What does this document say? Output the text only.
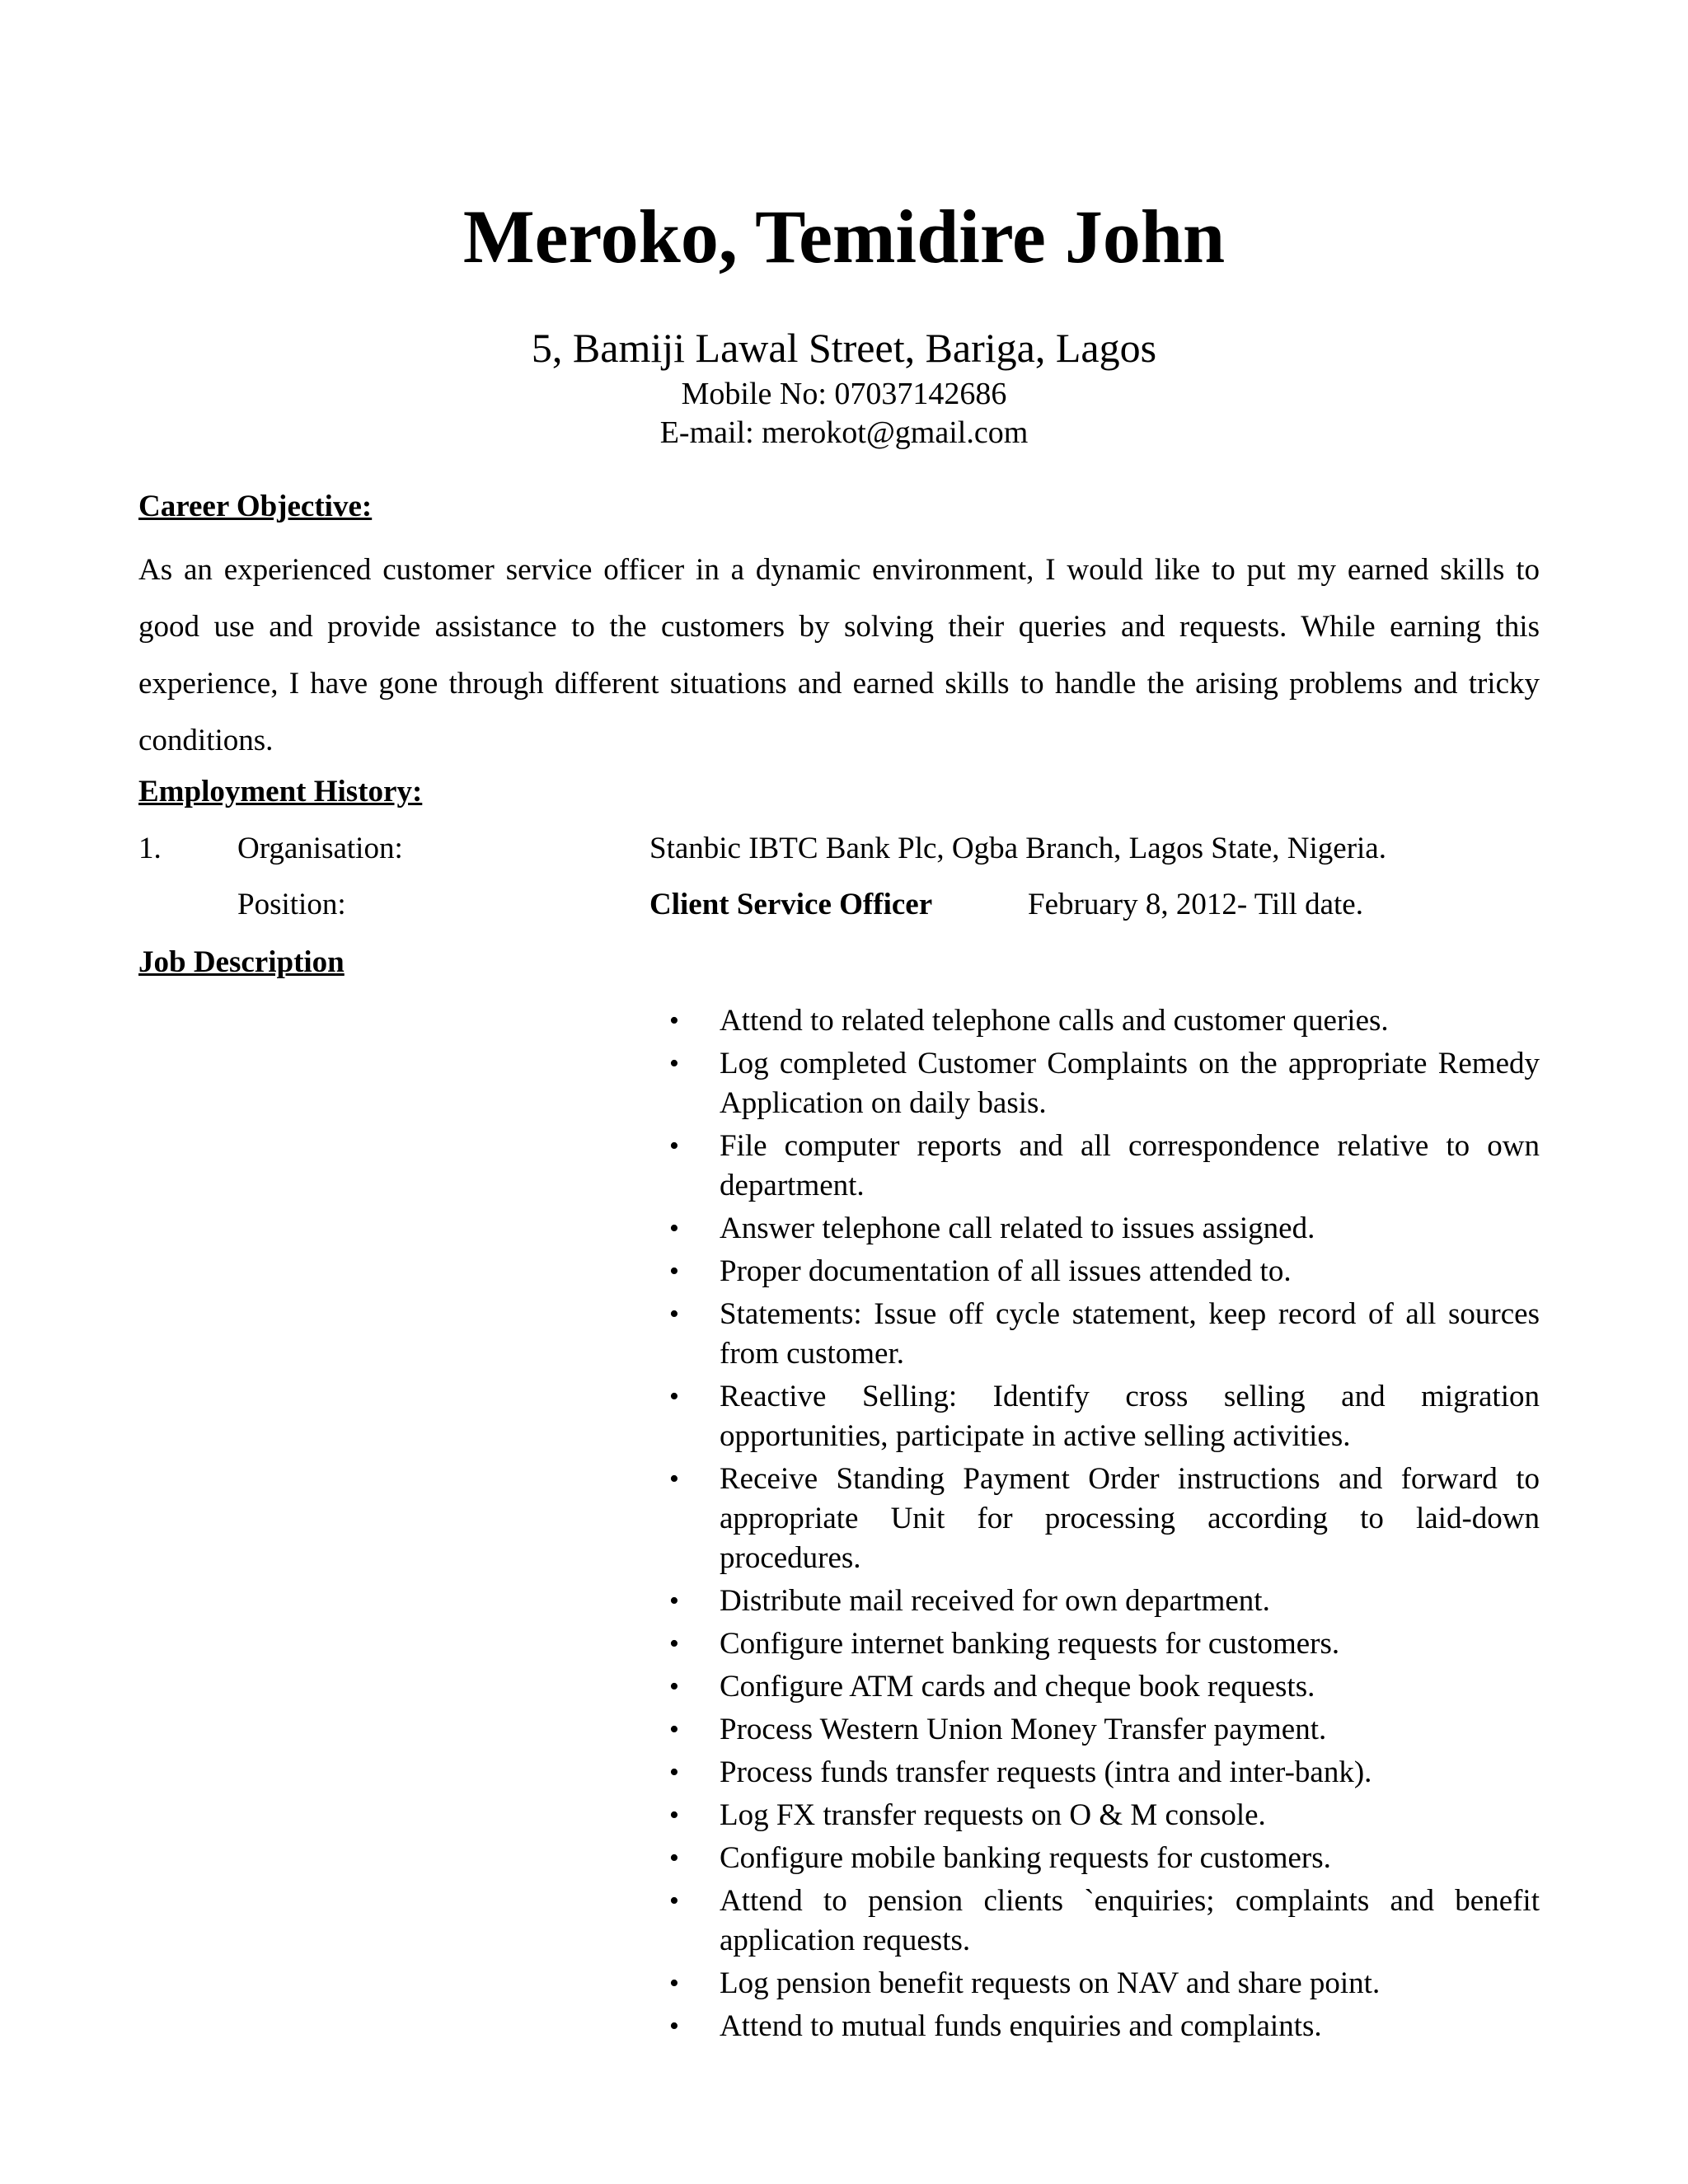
Meroko, Temidire John
5, Bamiji Lawal Street, Bariga, Lagos
Mobile No: 07037142686
E-mail: merokot@gmail.com
Career Objective:

As an experienced customer service officer in a dynamic environment, I would like to put my earned skills to good use and provide assistance to the customers by solving their queries and requests. While earning this experience, I have gone through different situations and earned skills to handle the arising problems and tricky conditions.

Employment History:
1. Organisation:	Stanbic IBTC Bank Plc, Ogba Branch, Lagos State, Nigeria.
Position:	Client Service Officer	February 8, 2012- Till date.
Job Description
• Attend to related telephone calls and customer queries.
• Log completed Customer Complaints on the appropriate Remedy Application on daily basis.
• File computer reports and all correspondence relative to own department.
• Answer telephone call related to issues assigned.
• Proper documentation of all issues attended to.
• Statements: Issue off cycle statement, keep record of all sources from customer.
• Reactive Selling: Identify cross selling and migration opportunities, participate in active selling activities.
• Receive Standing Payment Order instructions and forward to appropriate Unit for processing according to laid-down procedures.
• Distribute mail received for own department.
• Configure internet banking requests for customers.
• Configure ATM cards and cheque book requests.
• Process Western Union Money Transfer payment.
• Process funds transfer requests (intra and inter-bank).
• Log FX transfer requests on O & M console.
• Configure mobile banking requests for customers.
• Attend to pension clients `enquiries; complaints and benefit application requests.
• Log pension benefit requests on NAV and share point.
• Attend to mutual funds enquiries and complaints.
